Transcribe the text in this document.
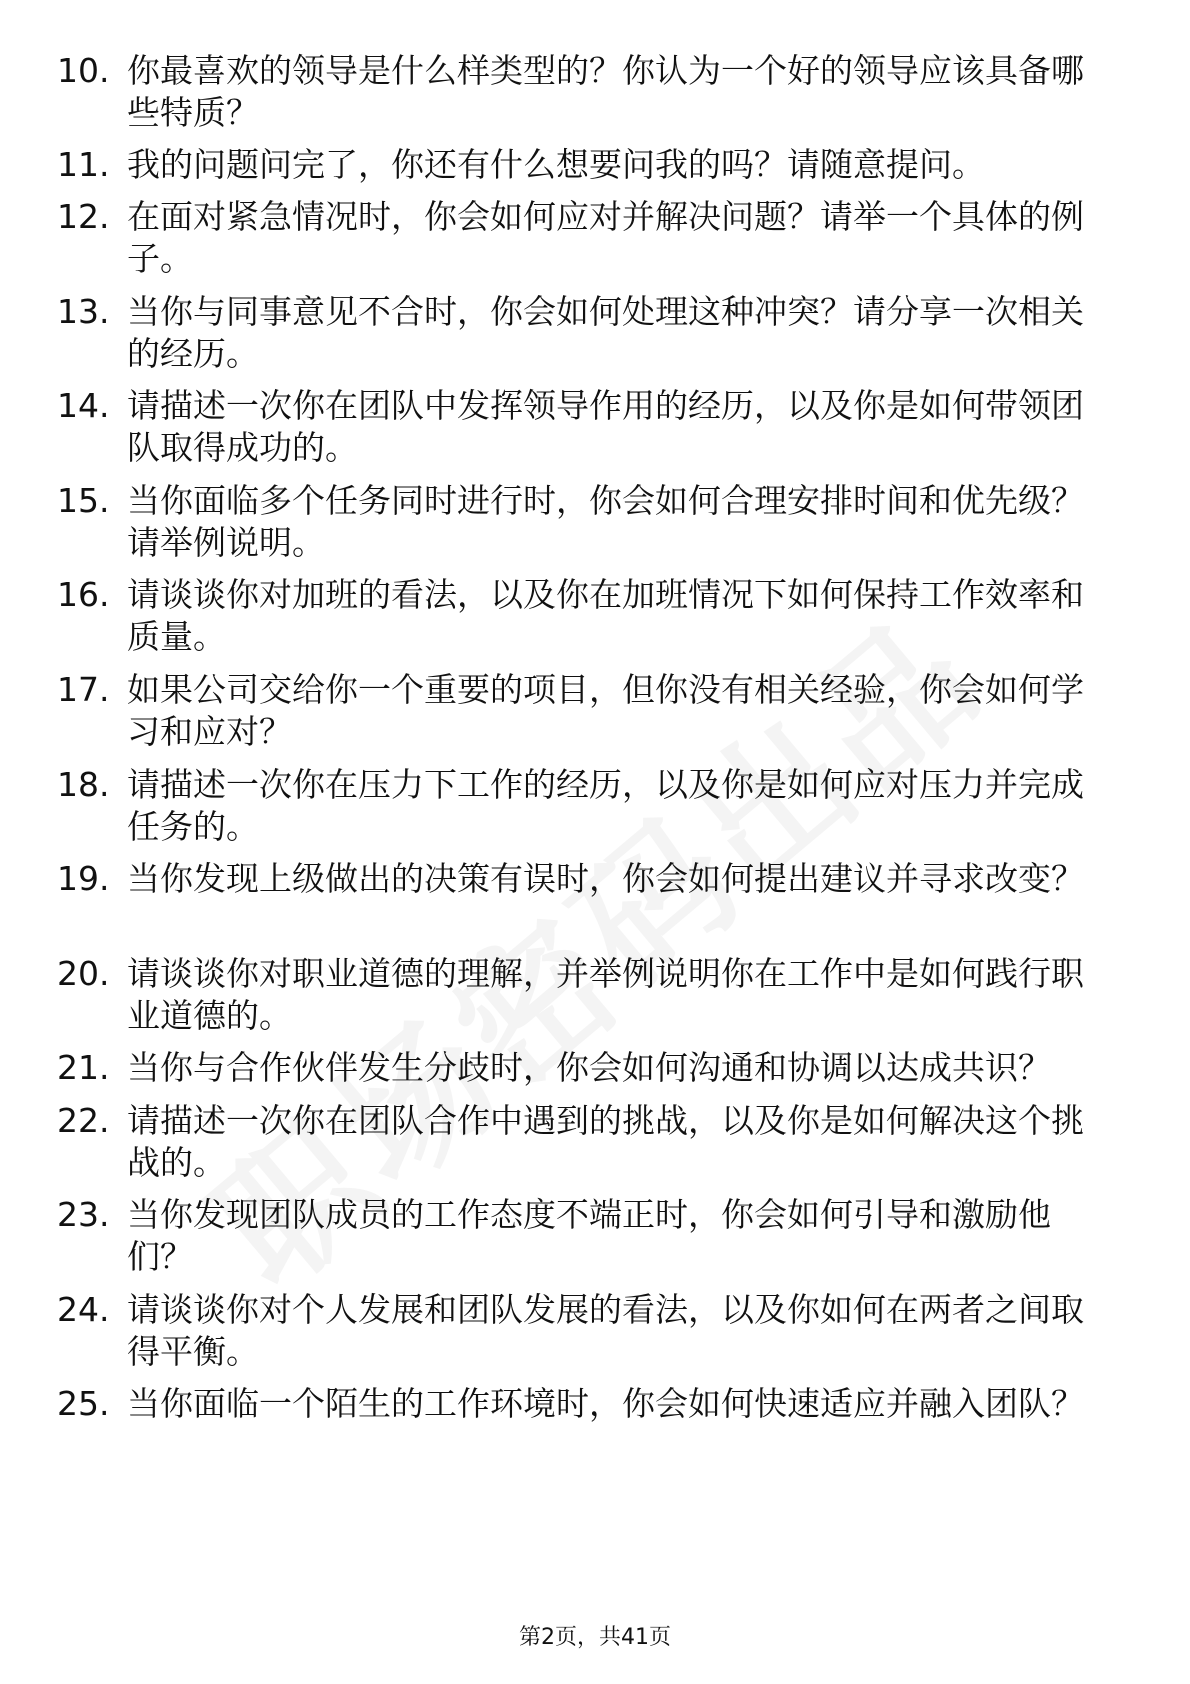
10. 你最喜欢的领导是什么样类型的？你认为一个好的领导应该具备哪些特质？
11. 我的问题问完了，你还有什么想要问我的吗？请随意提问。
12. 在面对紧急情况时，你会如何应对并解决问题？请举一个具体的例子。
13. 当你与同事意见不合时，你会如何处理这种冲突？请分享一次相关的经历。
14. 请描述一次你在团队中发挥领导作用的经历，以及你是如何带领团队取得成功的。
15. 当你面临多个任务同时进行时，你会如何合理安排时间和优先级？请举例说明。
16. 请谈谈你对加班的看法，以及你在加班情况下如何保持工作效率和质量。
17. 如果公司交给你一个重要的项目，但你没有相关经验，你会如何学习和应对？
18. 请描述一次你在压力下工作的经历，以及你是如何应对压力并完成任务的。
19. 当你发现上级做出的决策有误时，你会如何提出建议并寻求改变？
20. 请谈谈你对职业道德的理解，并举例说明你在工作中是如何践行职业道德的。
21. 当你与合作伙伴发生分歧时，你会如何沟通和协调以达成共识？
22. 请描述一次你在团队合作中遇到的挑战，以及你是如何解决这个挑战的。
23. 当你发现团队成员的工作态度不端正时，你会如何引导和激励他们？
24. 请谈谈你对个人发展和团队发展的看法，以及你如何在两者之间取得平衡。
25. 当你面临一个陌生的工作环境时，你会如何快速适应并融入团队？
第2页，共41页
